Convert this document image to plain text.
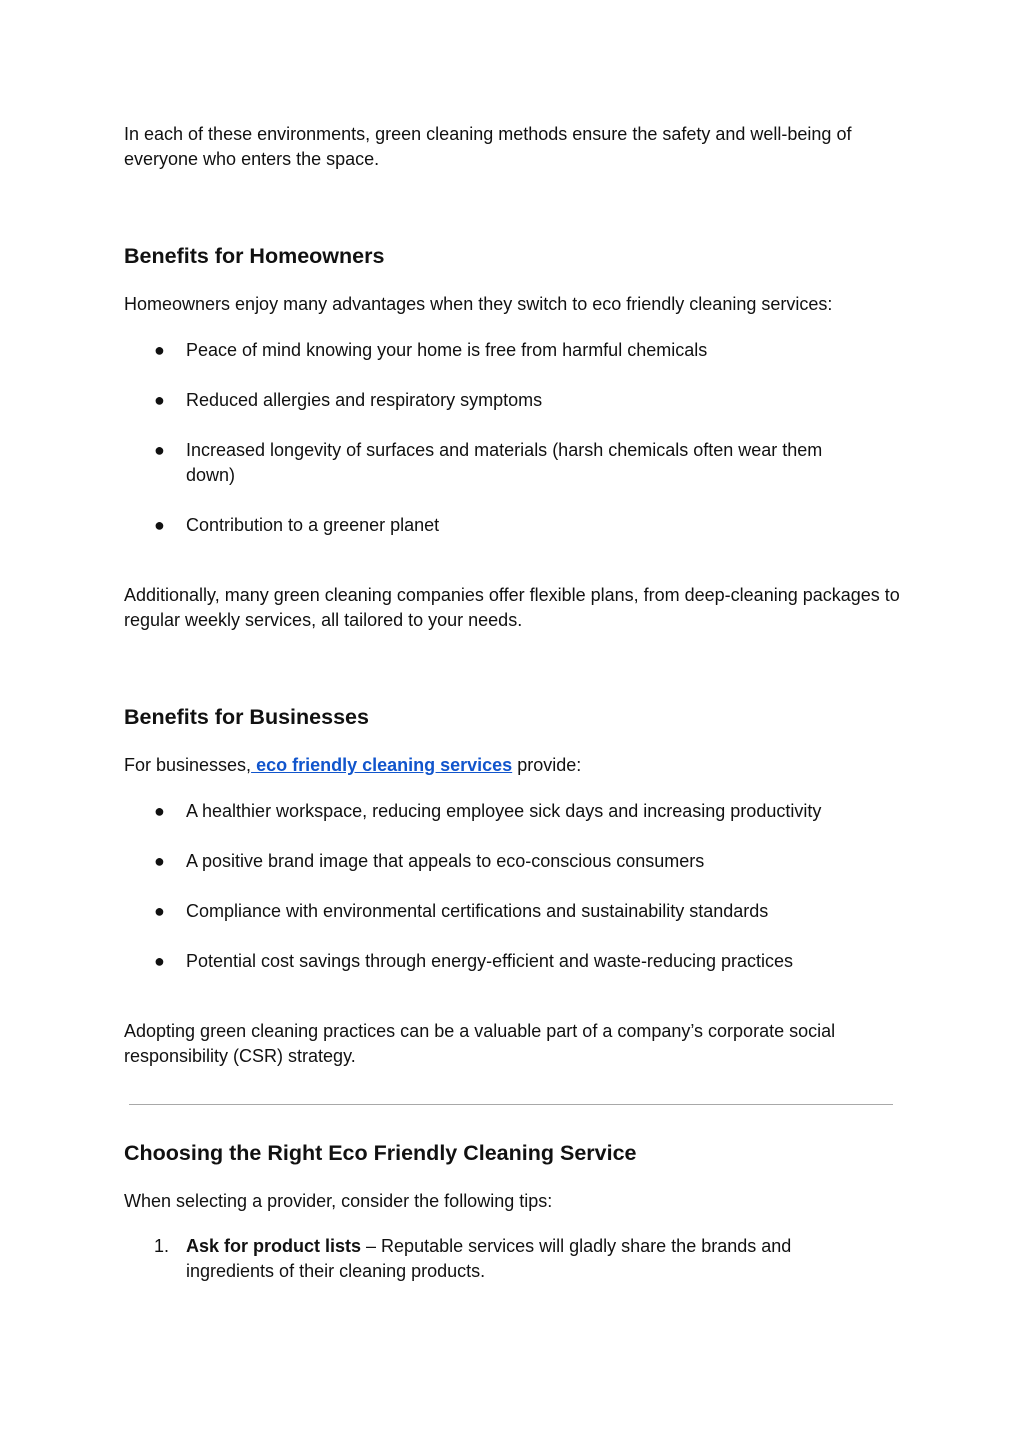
In each of these environments, green cleaning methods ensure the safety and well-being of everyone who enters the space.

Benefits for Homeowners

Homeowners enjoy many advantages when they switch to eco friendly cleaning services:

●	Peace of mind knowing your home is free from harmful chemicals
●	Reduced allergies and respiratory symptoms
●	Increased longevity of surfaces and materials (harsh chemicals often wear them down)
●	Contribution to a greener planet

Additionally, many green cleaning companies offer flexible plans, from deep-cleaning packages to regular weekly services, all tailored to your needs.

Benefits for Businesses

For businesses, eco friendly cleaning services provide:

●	A healthier workspace, reducing employee sick days and increasing productivity
●	A positive brand image that appeals to eco-conscious consumers
●	Compliance with environmental certifications and sustainability standards
●	Potential cost savings through energy-efficient and waste-reducing practices

Adopting green cleaning practices can be a valuable part of a company’s corporate social responsibility (CSR) strategy.

Choosing the Right Eco Friendly Cleaning Service

When selecting a provider, consider the following tips:

1. Ask for product lists – Reputable services will gladly share the brands and ingredients of their cleaning products.
